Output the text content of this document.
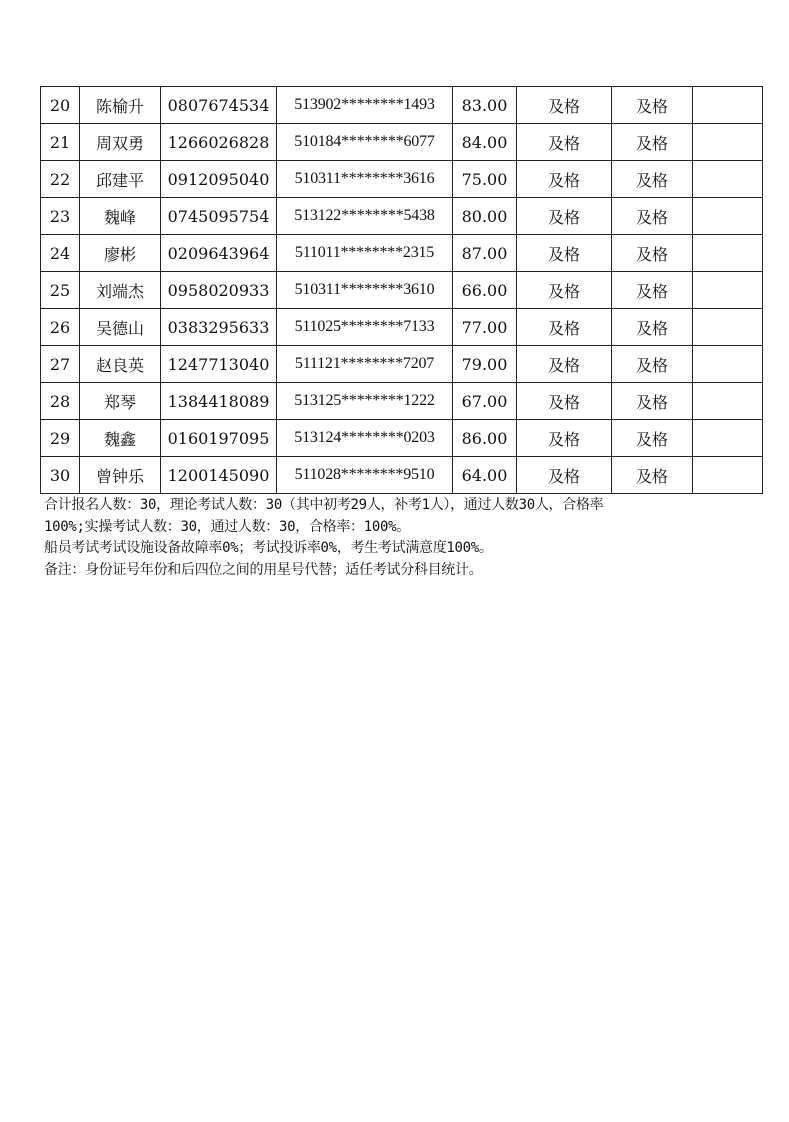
20	陈榆升	0807674534	513902********1493	83.00	及格	及格	
21	周双勇	1266026828	510184********6077	84.00	及格	及格	
22	邱建平	0912095040	510311********3616	75.00	及格	及格	
23	魏峰	0745095754	513122********5438	80.00	及格	及格	
24	廖彬	0209643964	511011********2315	87.00	及格	及格	
25	刘端杰	0958020933	510311********3610	66.00	及格	及格	
26	吴德山	0383295633	511025********7133	77.00	及格	及格	
27	赵良英	1247713040	511121********7207	79.00	及格	及格	
28	郑琴	1384418089	513125********1222	67.00	及格	及格	
29	魏鑫	0160197095	513124********0203	86.00	及格	及格	
30	曾钟乐	1200145090	511028********9510	64.00	及格	及格	

合计报名人数：30，理论考试人数：30（其中初考29人，补考1人），通过人数30人，合格率

100%;实操考试人数：30，通过人数：30，合格率：100%。

船员考试考试设施设备故障率0%；考试投诉率0%，考生考试满意度100%。

备注：身份证号年份和后四位之间的用星号代替；适任考试分科目统计。
